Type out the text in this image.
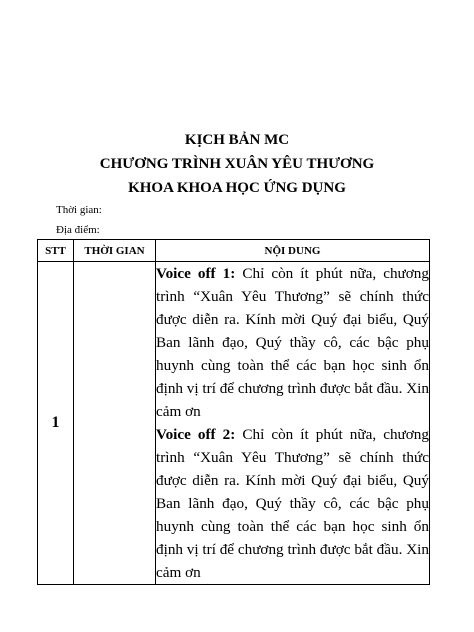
KỊCH BẢN MC
CHƯƠNG TRÌNH XUÂN YÊU THƯƠNG
KHOA KHOA HỌC ỨNG DỤNG
Thời gian:
Địa điểm:
STT	THỜI GIAN	NỘI DUNG
1		Voice off 1: Chỉ còn ít phút nữa, chương trình “Xuân Yêu Thương” sẽ chính thức được diễn ra. Kính mời Quý đại biểu, Quý Ban lãnh đạo, Quý thầy cô, các bậc phụ huynh cùng toàn thể các bạn học sinh ổn định vị trí để chương trình được bắt đầu. Xin cảm ơn

Voice off 2: Chỉ còn ít phút nữa, chương trình “Xuân Yêu Thương” sẽ chính thức được diễn ra. Kính mời Quý đại biểu, Quý Ban lãnh đạo, Quý thầy cô, các bậc phụ huynh cùng toàn thể các bạn học sinh ổn định vị trí để chương trình được bắt đầu. Xin cảm ơn
